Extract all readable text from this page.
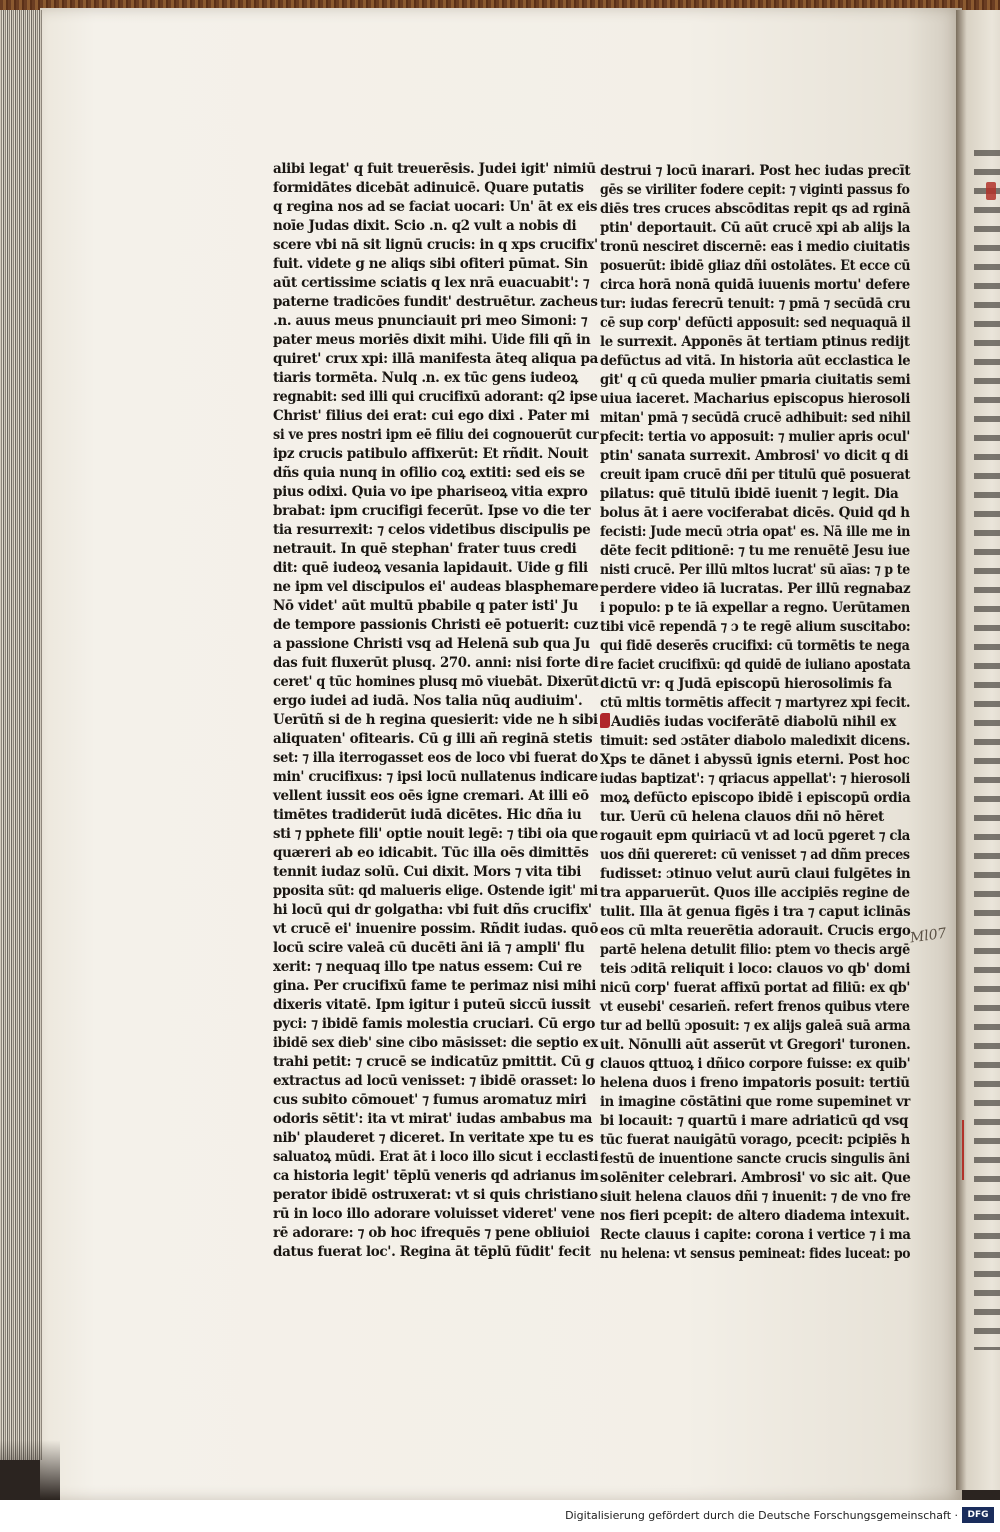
alibi legat' q fuit treuerēsis. Judei igit' nimiū
formidātes dicebāt adinuicē. Quare putatis
q regina nos ad se faciat uocari: Un' āt ex eis
noīe Judas dixit. Scio .n. q2 vult a nobis di
scere vbi nā sit lignū crucis: in q xps crucifix'
fuit. videte g ne aliqs sibi ofiteri pūmat. Sin
aūt certissime sciatis q lex nrā euacuabit': ⁊
paterne tradicōes fundit' destruētur. zacheus
.n. auus meus pnunciauit pri meo Simoni: ⁊
pater meus moriēs dixit mihi. Uide fili qñ in
quiret' crux xpi: illā manifesta āteq aliqua pa
tiaris tormēta. Nulq .n. ex tūc gens iudeoꝝ
regnabit: sed illi qui crucifixū adorant: q2 ipse
Christ' filius dei erat: cui ego dixi . Pater mi
si ve pres nostri ipm eē filiu dei cognouerūt cur
ipz crucis patibulo affixerūt: Et rñdit. Nouit
dñs quia nunq in ofilio coꝝ extiti: sed eis se
pius odixi. Quia vo ipe phariseoꝝ vitia expro
brabat: ipm crucifigi fecerūt. Ipse vo die ter
tia resurrexit: ⁊ celos videtibus discipulis pe
netrauit. In quē stephan' frater tuus credi
dit: quē iudeoꝝ vesania lapidauit. Uide g fili
ne ipm vel discipulos ei' audeas blasphemare
Nō videt' aūt multū pbabile q pater isti' Ju
de tempore passionis Christi eē potuerit: cuz
a passione Christi vsq ad Helenā sub qua Ju
das fuit fluxerūt plusq. 270. anni: nisi forte di
ceret' q tūc homines plusq mō viuebāt. Dixerūt
ergo iudei ad iudā. Nos talia nūq audiuim'.
Uerūtñ si de h regina quesierit: vide ne h sibi
aliquaten' ofitearis. Cū g illi añ reginā stetis
set: ⁊ illa iterrogasset eos de loco vbi fuerat do
min' crucifixus: ⁊ ipsi locū nullatenus indicare
vellent iussit eos oēs igne cremari. At illi eō
timētes tradiderūt iudā dicētes. Hic dña iu
sti ⁊ pphete fili' optie nouit legē: ⁊ tibi oia que
quæreri ab eo idicabit. Tūc illa oēs dimittēs
tennit iudaz solū. Cui dixit. Mors ⁊ vita tibi
pposita sūt: qd malueris elige. Ostende igit' mi
hi locū qui dr golgatha: vbi fuit dñs crucifix'
vt crucē ei' inuenire possim. Rñdit iudas. quō
locū scire valeā cū ducēti āni iā ⁊ ampli' flu
xerit: ⁊ nequaq illo tpe natus essem: Cui re
gina. Per crucifixū fame te perimaz nisi mihi
dixeris vitatē. Ipm igitur i puteū siccū iussit
pyci: ⁊ ibidē famis molestia cruciari. Cū ergo
ibidē sex dieb' sine cibo māsisset: die septio ex
trahi petit: ⁊ crucē se indicatūz pmittit. Cū g
extractus ad locū venisset: ⁊ ibidē orasset: lo
cus subito cōmouet' ⁊ fumus aromatuz miri
odoris sētit': ita vt mirat' iudas ambabus ma
nib' plauderet ⁊ diceret. In veritate xpe tu es
saluatoꝝ mūdi. Erat āt i loco illo sicut i ecclasti
ca historia legit' tēplū veneris qd adrianus im
perator ibidē ostruxerat: vt si quis christiano
rū in loco illo adorare voluisset videret' vene
rē adorare: ⁊ ob hoc ifrequēs ⁊ pene obliuioi
datus fuerat loc'. Regina āt tēplū fūdit' fecit
destrui ⁊ locū inarari. Post hec iudas precīt
gēs se viriliter fodere cepit: ⁊ viginti passus fo
diēs tres cruces abscōditas repit qs ad rginā
ptin' deportauit. Cū aūt crucē xpi ab alijs la
tronū nesciret discernē: eas i medio ciuitatis
posuerūt: ibidē gliaz dñi ostolātes. Et ecce cū
circa horā nonā quidā iuuenis mortu' defere
tur: iudas ferecrū tenuit: ⁊ pmā ⁊ secūdā cru
cē sup corp' defūcti apposuit: sed nequaquā il
le surrexit. Apponēs āt tertiam ptinus redijt
defūctus ad vitā. In historia aūt ecclastica le
git' q cū queda mulier pmaria ciuitatis semi
uiua iaceret. Macharius episcopus hierosoli
mitan' pmā ⁊ secūdā crucē adhibuit: sed nihil
pfecit: tertia vo apposuit: ⁊ mulier apris ocul'
ptin' sanata surrexit. Ambrosi' vo dicit q di
creuit ipam crucē dñi per titulū quē posuerat
pilatus: quē titulū ibidē iuenit ⁊ legit. Dia
bolus āt i aere vociferabat dicēs. Quid qd h
fecisti: Jude mecū ɔtria opat' es. Nā ille me in
dēte fecit pditionē: ⁊ tu me renuētē Jesu iue
nisti crucē. Per illū mltos lucrat' sū aīas: ⁊ p te
perdere video iā lucratas. Per illū regnabaz
i populo: p te iā expellar a regno. Uerūtamen
tibi vicē rependā ⁊ ɔ te regē alium suscitabo:
qui fidē deserēs crucifixi: cū tormētis te nega
re faciet crucifixū: qd quidē de iuliano apostata
dictū vr: q Judā episcopū hierosolimis fa
ctū mltis tormētis affecit ⁊ martyrez xpi fecit.
Audiēs iudas vociferātē diabolū nihil ex
timuit: sed ɔstāter diabolo maledixit dicens.
Xps te dānet i abyssū ignis eterni. Post hoc
iudas baptizat': ⁊ qriacus appellat': ⁊ hierosoli
moꝝ defūcto episcopo ibidē i episcopū ordia
tur. Uerū cū helena clauos dñi nō hēret
rogauit epm quiriacū vt ad locū pgeret ⁊ cla
uos dñi quereret: cū venisset ⁊ ad dñm preces
fudisset: ɔtinuo velut aurū claui fulgētes in
tra apparuerūt. Quos ille accipiēs regine de
tulit. Illa āt genua figēs i tra ⁊ caput iclinās
eos cū mlta reuerētia adorauit. Crucis ergo
partē helena detulit filio: ptem vo thecis argē
teis ɔditā reliquit i loco: clauos vo qb' domi
nicū corp' fuerat affixū portat ad filiū: ex qb'
vt eusebi' cesarieñ. refert frenos quibus vtere
tur ad bellū ɔposuit: ⁊ ex alijs galeā suā arma
uit. Nōnulli aūt asserūt vt Gregori' turonen.
clauos qttuoꝝ i dñico corpore fuisse: ex quib'
helena duos i freno impatoris posuit: tertiū
in imagine cōstātini que rome supeminet vr
bi locauit: ⁊ quartū i mare adriaticū qd vsq
tūc fuerat nauigātū vorago, pcecit: pcipiēs h
festū de inuentione sancte crucis singulis āni
solēniter celebrari. Ambrosi' vo sic ait. Que
siuit helena clauos dñi ⁊ inuenit: ⁊ de vno fre
nos fieri pcepit: de altero diadema intexuit.
Recte clauus i capite: corona i vertice ⁊ i ma
nu helena: vt sensus pemineat: fides luceat: po
Ml07
Digitalisierung gefördert durch die Deutsche Forschungsgemeinschaft ·	DFG
